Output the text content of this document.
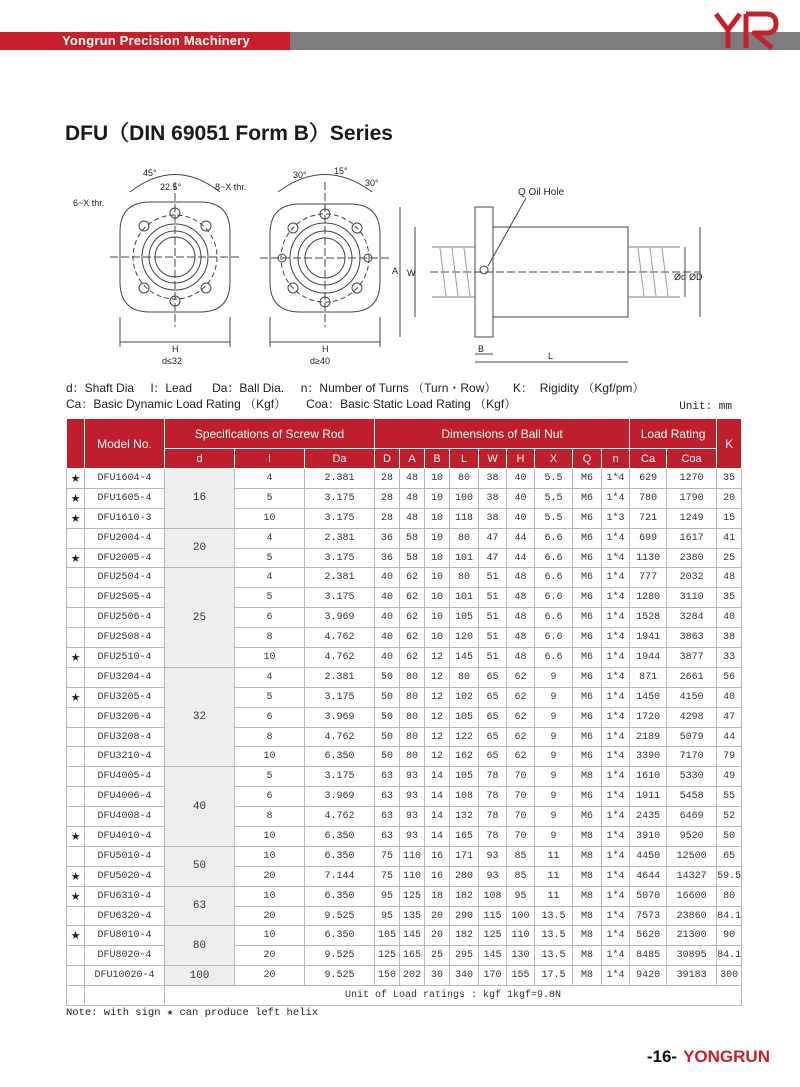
Yongrun Precision Machinery
DFU（DIN 69051 Form B）Series
6~X thr.
45°
22.5°
H
d≤32
8~X thr.
30°	15°
30°
H
d≥40
Q Oil Hole
A W
B
L
Ød ØD
d：Shaft Dia     l：Lead      Da：Ball Dia.     n：Number of Turns （Turn・Row）     K：  Rigidity （Kgf/pm）
Ca：Basic Dynamic Load Rating （Kgf）      Coa：Basic Static Load Rating （Kgf）	Unit: mm
	Model No.	Specifications of Screw Rod			Dimensions of Ball Nut									Load Rating		K
		d	l	Da	D	A	B	L	W	H	X	Q	n	Ca	Coa	
★	DFU1604-4	16	4	2.381	28	48	10	80	38	40	5.5	M6	1*4	629	1270	35
★	DFU1605-4		5	3.175	28	48	10	100	38	40	5.5	M6	1*4	780	1790	20
★	DFU1610-3		10	3.175	28	48	10	118	38	40	5.5	M6	1*3	721	1249	15
	DFU2004-4	20	4	2.381	36	58	10	80	47	44	6.6	M6	1*4	699	1617	41
★	DFU2005-4		5	3.175	36	58	10	101	47	44	6.6	M6	1*4	1130	2380	25
	DFU2504-4	25	4	2.381	40	62	10	80	51	48	6.6	M6	1*4	777	2032	48
	DFU2505-4		5	3.175	40	62	10	101	51	48	6.6	M6	1*4	1280	3110	35
	DFU2506-4		6	3.969	40	62	10	105	51	48	6.6	M6	1*4	1528	3284	40
	DFU2508-4		8	4.762	40	62	10	120	51	48	6.6	M6	1*4	1941	3863	38
★	DFU2510-4		10	4.762	40	62	12	145	51	48	6.6	M6	1*4	1944	3877	33
	DFU3204-4	32	4	2.381	50	80	12	80	65	62	9	M6	1*4	871	2661	56
★	DFU3205-4		5	3.175	50	80	12	102	65	62	9	M6	1*4	1450	4150	40
	DFU3206-4		6	3.969	50	80	12	105	65	62	9	M6	1*4	1720	4298	47
	DFU3208-4		8	4.762	50	80	12	122	65	62	9	M6	1*4	2189	5079	44
	DFU3210-4		10	6.350	50	80	12	162	65	62	9	M6	1*4	3390	7170	79
	DFU4005-4	40	5	3.175	63	93	14	105	78	70	9	M8	1*4	1610	5330	49
	DFU4006-4		6	3.969	63	93	14	108	78	70	9	M6	1*4	1911	5458	55
	DFU4008-4		8	4.762	63	93	14	132	78	70	9	M6	1*4	2435	6469	52
★	DFU4010-4		10	6.350	63	93	14	165	78	70	9	M8	1*4	3910	9520	50
	DFU5010-4	50	10	6.350	75	110	16	171	93	85	11	M8	1*4	4450	12500	65
★	DFU5020-4		20	7.144	75	110	16	280	93	85	11	M8	1*4	4644	14327	59.5
★	DFU6310-4	63	10	6.350	95	125	18	182	108	95	11	M8	1*4	5070	16600	80
	DFU6320-4		20	9.525	95	135	20	290	115	100	13.5	M8	1*4	7573	23860	84.1
★	DFU8010-4	80	10	6.350	105	145	20	182	125	110	13.5	M8	1*4	5620	21300	90
	DFU8020-4		20	9.525	125	165	25	295	145	130	13.5	M8	1*4	8485	30895	84.1
	DFU10020-4	100	20	9.525	150	202	30	340	170	155	17.5	M8	1*4	9420	39183	300
		Unit of Load ratings : kgf 1kgf=9.8N														
Note: with sign ★ can produce left helix
-16- YONGRUN
